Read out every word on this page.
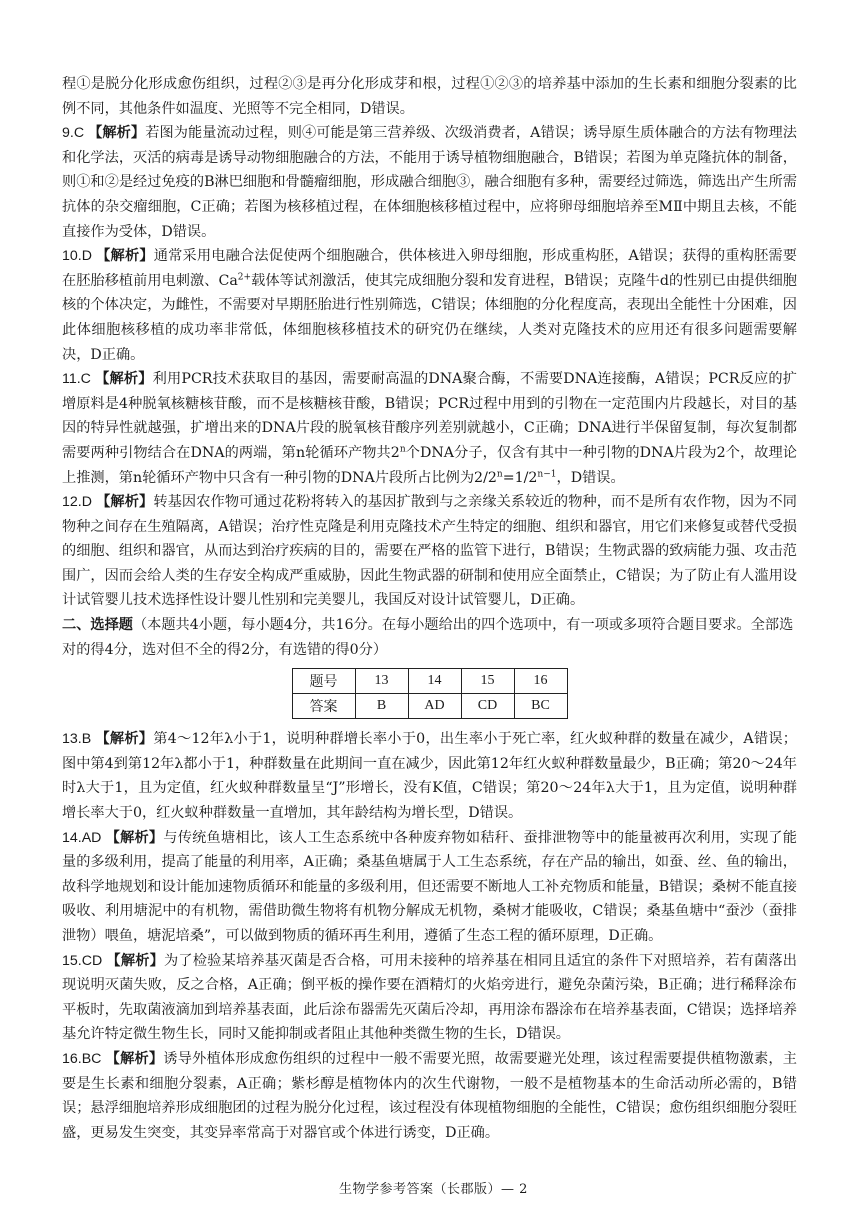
程①是脱分化形成愈伤组织，过程②③是再分化形成芽和根，过程①②③的培养基中添加的生长素和细胞分裂素的比例不同，其他条件如温度、光照等不完全相同，D错误。

9.C 【解析】若图为能量流动过程，则④可能是第三营养级、次级消费者，A错误；诱导原生质体融合的方法有物理法和化学法，灭活的病毒是诱导动物细胞融合的方法，不能用于诱导植物细胞融合，B错误；若图为单克隆抗体的制备，则①和②是经过免疫的B淋巴细胞和骨髓瘤细胞，形成融合细胞③，融合细胞有多种，需要经过筛选，筛选出产生所需抗体的杂交瘤细胞，C正确；若图为核移植过程，在体细胞核移植过程中，应将卵母细胞培养至MⅡ中期且去核，不能直接作为受体，D错误。

10.D 【解析】通常采用电融合法促使两个细胞融合，供体核进入卵母细胞，形成重构胚，A错误；获得的重构胚需要在胚胎移植前用电刺激、$Ca^{2+}$载体等试剂激活，使其完成细胞分裂和发育进程，B错误；克隆牛d的性别已由提供细胞核的个体决定，为雌性，不需要对早期胚胎进行性别筛选，C错误；体细胞的分化程度高，表现出全能性十分困难，因此体细胞核移植的成功率非常低，体细胞核移植技术的研究仍在继续，人类对克隆技术的应用还有很多问题需要解决，D正确。

11.C 【解析】利用PCR技术获取目的基因，需要耐高温的DNA聚合酶，不需要DNA连接酶，A错误；PCR反应的扩增原料是4种脱氧核糖核苷酸，而不是核糖核苷酸，B错误；PCR过程中用到的引物在一定范围内片段越长，对目的基因的特异性就越强，扩增出来的DNA片段的脱氧核苷酸序列差别就越小，C正确；DNA进行半保留复制，每次复制都需要两种引物结合在DNA的两端，第n轮循环产物共2$^n$个DNA分子，仅含有其中一种引物的DNA片段为2个，故理论上推测，第n轮循环产物中只含有一种引物的DNA片段所占比例为$2/2^n=1/2^{n-1}$，D错误。

12.D 【解析】转基因农作物可通过花粉将转入的基因扩散到与之亲缘关系较近的物种，而不是所有农作物，因为不同物种之间存在生殖隔离，A错误；治疗性克隆是利用克隆技术产生特定的细胞、组织和器官，用它们来修复或替代受损的细胞、组织和器官，从而达到治疗疾病的目的，需要在严格的监管下进行，B错误；生物武器的致病能力强、攻击范围广，因而会给人类的生存安全构成严重威胁，因此生物武器的研制和使用应全面禁止，C错误；为了防止有人滥用设计试管婴儿技术选择性设计婴儿性别和完美婴儿，我国反对设计试管婴儿，D正确。

二、选择题（本题共4小题，每小题4分，共16分。在每小题给出的四个选项中，有一项或多项符合题目要求。全部选对的得4分，选对但不全的得2分，有选错的得0分）

题号	13	14	15	16
答案	B	AD	CD	BC

13.B 【解析】第4～12年λ小于1，说明种群增长率小于0，出生率小于死亡率，红火蚁种群的数量在减少，A错误；图中第4到第12年λ都小于1，种群数量在此期间一直在减少，因此第12年红火蚁种群数量最少，B正确；第20～24年时λ大于1，且为定值，红火蚁种群数量呈“J”形增长，没有K值，C错误；第20～24年λ大于1，且为定值，说明种群增长率大于0，红火蚁种群数量一直增加，其年龄结构为增长型，D错误。

14.AD 【解析】与传统鱼塘相比，该人工生态系统中各种废弃物如秸秆、蚕排泄物等中的能量被再次利用，实现了能量的多级利用，提高了能量的利用率，A正确；桑基鱼塘属于人工生态系统，存在产品的输出，如蚕、丝、鱼的输出，故科学地规划和设计能加速物质循环和能量的多级利用，但还需要不断地人工补充物质和能量，B错误；桑树不能直接吸收、利用塘泥中的有机物，需借助微生物将有机物分解成无机物，桑树才能吸收，C错误；桑基鱼塘中“蚕沙（蚕排泄物）喂鱼，塘泥培桑”，可以做到物质的循环再生利用，遵循了生态工程的循环原理，D正确。

15.CD 【解析】为了检验某培养基灭菌是否合格，可用未接种的培养基在相同且适宜的条件下对照培养，若有菌落出现说明灭菌失败，反之合格，A正确；倒平板的操作要在酒精灯的火焰旁进行，避免杂菌污染，B正确；进行稀释涂布平板时，先取菌液滴加到培养基表面，此后涂布器需先灭菌后冷却，再用涂布器涂布在培养基表面，C错误；选择培养基允许特定微生物生长，同时又能抑制或者阻止其他种类微生物的生长，D错误。

16.BC 【解析】诱导外植体形成愈伤组织的过程中一般不需要光照，故需要避光处理，该过程需要提供植物激素，主要是生长素和细胞分裂素，A正确；紫杉醇是植物体内的次生代谢物，一般不是植物基本的生命活动所必需的，B错误；悬浮细胞培养形成细胞团的过程为脱分化过程，该过程没有体现植物细胞的全能性，C错误；愈伤组织细胞分裂旺盛，更易发生突变，其变异率常高于对器官或个体进行诱变，D正确。

生物学参考答案（长郡版）— 2
